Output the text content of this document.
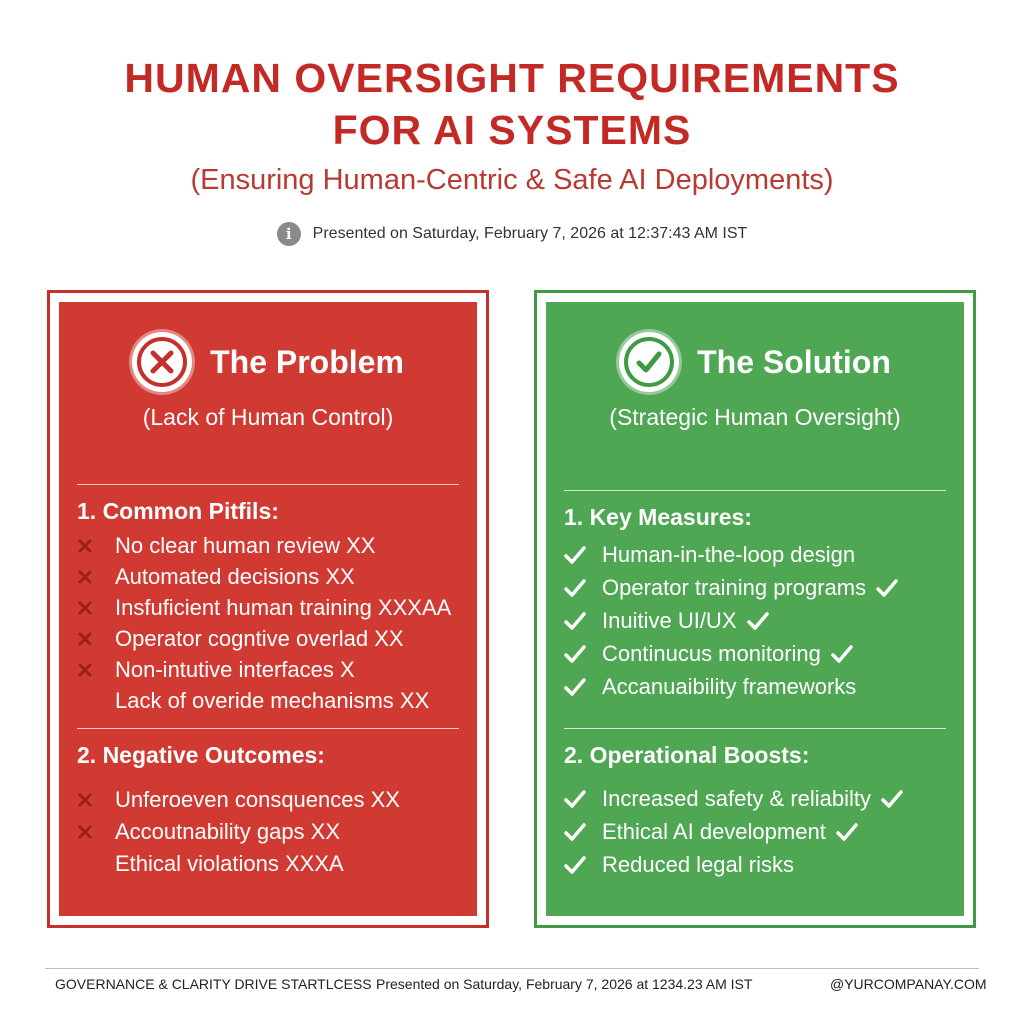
HUMAN OVERSIGHT REQUIREMENTS
FOR AI SYSTEMS
(Ensuring Human-Centric & Safe AI Deployments)
i	Presented on Saturday, February 7, 2026 at 12:37:43 AM IST
The Problem
(Lack of Human Control)
1. Common Pitfils:
No clear human review XX
Automated decisions XX
Insfuficient human training XXXAA
Operator cogntive overlad XX
Non-intutive interfaces X
Lack of overide mechanisms XX
2. Negative Outcomes:
Unferoeven consquences XX
Accoutnability gaps XX
Ethical violations XXXA
The Solution
(Strategic Human Oversight)
1. Key Measures:
Human-in-the-loop design
Operator training programs
Inuitive UI/UX
Continucus monitoring
Accanuaibility frameworks
2. Operational Boosts:
Increased safety & reliabilty
Ethical AI development
Reduced legal risks
GOVERNANCE & CLARITY DRIVE STARTLCESS Presented on Saturday, February 7, 2026 at 1234.23 AM IST	@YURCOMPANAY.COM
